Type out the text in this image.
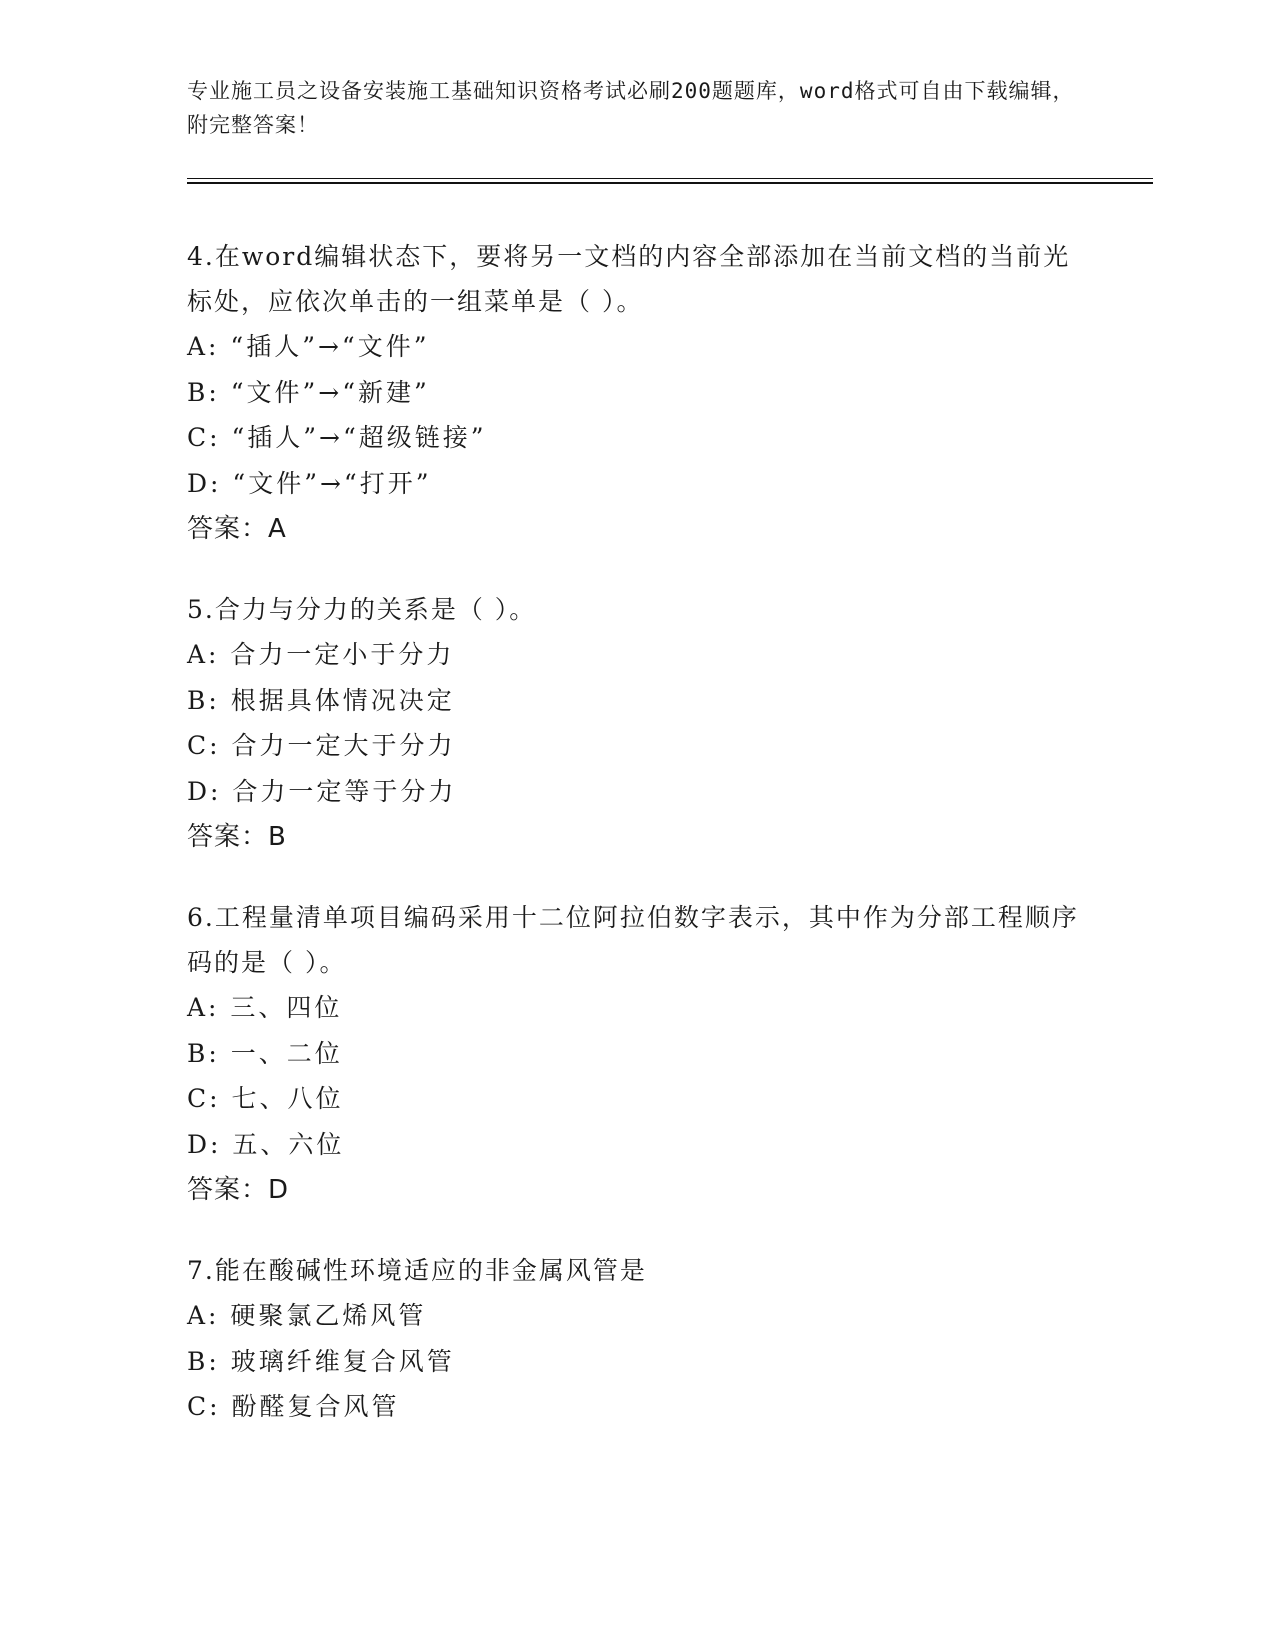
专业施工员之设备安装施工基础知识资格考试必刷200题题库，word格式可自由下载编辑，附完整答案！

4.在word编辑状态下，要将另一文档的内容全部添加在当前文档的当前光标处，应依次单击的一组菜单是（ ）。

A: “插人”→“文件”
B: “文件”→“新建”
C: “插人”→“超级链接”
D: “文件”→“打开”
答案：A

5.合力与分力的关系是（ ）。

A: 合力一定小于分力
B: 根据具体情况决定
C: 合力一定大于分力
D: 合力一定等于分力
答案：B

6.工程量清单项目编码采用十二位阿拉伯数字表示，其中作为分部工程顺序码的是（ ）。

A: 三、四位
B: 一、二位
C: 七、八位
D: 五、六位
答案：D

7.能在酸碱性环境适应的非金属风管是

A: 硬聚氯乙烯风管
B: 玻璃纤维复合风管
C: 酚醛复合风管
